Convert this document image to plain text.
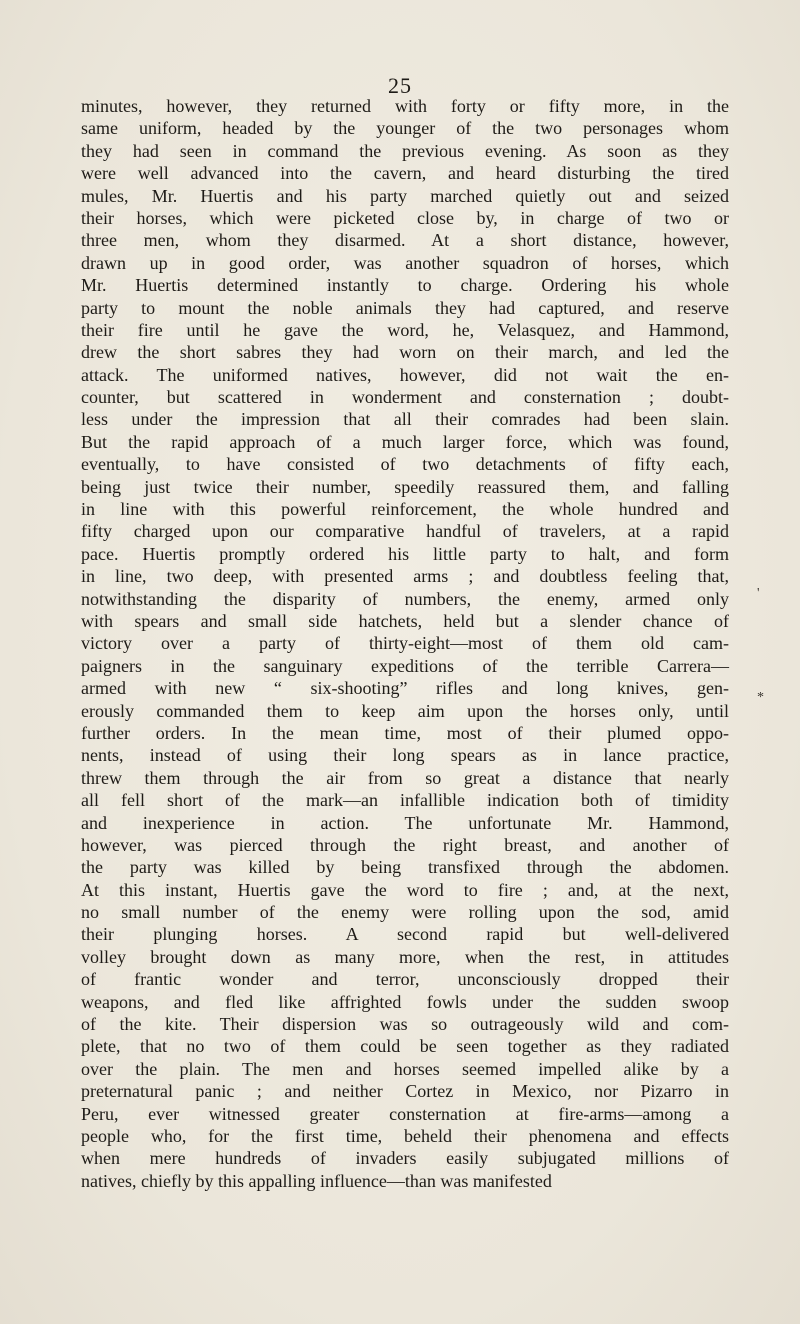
25
minutes, however, they returned with forty or fifty more, in the
same uniform, headed by the younger of the two personages whom
they had seen in command the previous evening. As soon as they
were well advanced into the cavern, and heard disturbing the tired
mules, Mr. Huertis and his party marched quietly out and seized
their horses, which were picketed close by, in charge of two or
three men, whom they disarmed. At a short distance, however,
drawn up in good order, was another squadron of horses, which
Mr. Huertis determined instantly to charge. Ordering his whole
party to mount the noble animals they had captured, and reserve
their fire until he gave the word, he, Velasquez, and Hammond,
drew the short sabres they had worn on their march, and led the
attack. The uniformed natives, however, did not wait the en-
counter, but scattered in wonderment and consternation ; doubt-
less under the impression that all their comrades had been slain.
But the rapid approach of a much larger force, which was found,
eventually, to have consisted of two detachments of fifty each,
being just twice their number, speedily reassured them, and falling
in line with this powerful reinforcement, the whole hundred and
fifty charged upon our comparative handful of travelers, at a rapid
pace. Huertis promptly ordered his little party to halt, and form
in line, two deep, with presented arms ; and doubtless feeling that,
notwithstanding the disparity of numbers, the enemy, armed only
with spears and small side hatchets, held but a slender chance of
victory over a party of thirty-eight—most of them old cam-
paigners in the sanguinary expeditions of the terrible Carrera—
armed with new “ six-shooting” rifles and long knives, gen-
erously commanded them to keep aim upon the horses only, until
further orders. In the mean time, most of their plumed oppo-
nents, instead of using their long spears as in lance practice,
threw them through the air from so great a distance that nearly
all fell short of the mark—an infallible indication both of timidity
and inexperience in action. The unfortunate Mr. Hammond,
however, was pierced through the right breast, and another of
the party was killed by being transfixed through the abdomen.
At this instant, Huertis gave the word to fire ; and, at the next,
no small number of the enemy were rolling upon the sod, amid
their plunging horses. A second rapid but well-delivered
volley brought down as many more, when the rest, in attitudes
of frantic wonder and terror, unconsciously dropped their
weapons, and fled like affrighted fowls under the sudden swoop
of the kite. Their dispersion was so outrageously wild and com-
plete, that no two of them could be seen together as they radiated
over the plain. The men and horses seemed impelled alike by a
preternatural panic ; and neither Cortez in Mexico, nor Pizarro in
Peru, ever witnessed greater consternation at fire-arms—among a
people who, for the first time, beheld their phenomena and effects
when mere hundreds of invaders easily subjugated millions of
natives, chiefly by this appalling influence—than was manifested
'
*
